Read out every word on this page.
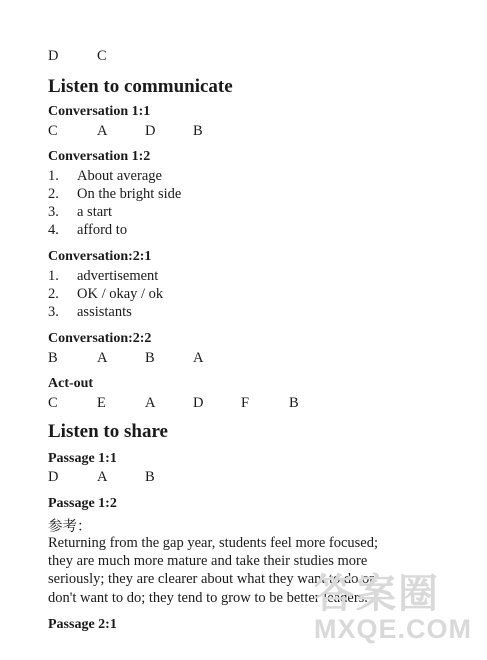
D	C
Listen to communicate
Conversation 1:1
C	A	D	B
Conversation 1:2
1. About average
2. On the bright side
3. a start
4. afford to
Conversation:2:1
1. advertisement
2. OK / okay / ok
3. assistants
Conversation:2:2
B	A	B	A
Act-out
C	E	A	D	F	B
Listen to share
Passage 1:1
D	A	B
Passage 1:2
参考：
Returning from the gap year, students feel more focused;
they are much more mature and take their studies more
seriously; they are clearer about what they want to do or
don't want to do; they tend to grow to be better leaders.
Passage 2:1
答案圈
MXQE.COM
